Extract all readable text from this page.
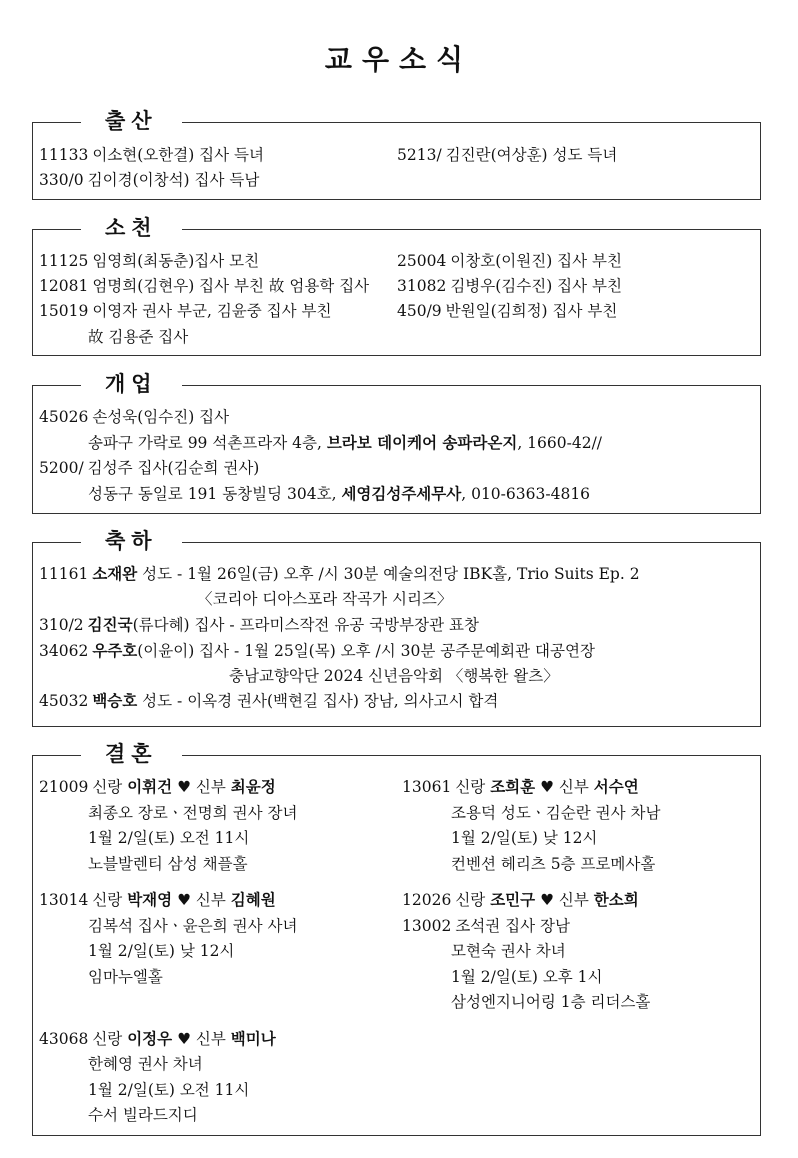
교우소식
출산
11133 이소현(오한결) 집사 득녀
330/0 김이경(이창석) 집사 득남
5213/ 김진란(여상훈) 성도 득녀
소천
11125 임영희(최동춘)집사 모친
12081 엄명희(김현우) 집사 부친 故 엄용학 집사
15019 이영자 권사 부군, 김윤중 집사 부친
故 김용준 집사
25004 이창호(이원진) 집사 부친
31082 김병우(김수진) 집사 부친
450/9 반원일(김희정) 집사 부친
개업
45026 손성욱(임수진) 집사
송파구 가락로 99 석촌프라자 4층, 브라보 데이케어 송파라온지, 1660-42//
5200/ 김성주 집사(김순희 권사)
성동구 동일로 191 동창빌딩 304호, 세영김성주세무사, 010-6363-4816
축하
11161 소재완 성도 - 1월 26일(금) 오후 /시 30분 예술의전당 IBK홀, Trio Suits Ep. 2
〈코리아 디아스포라 작곡가 시리즈〉
310/2 김진국(류다혜) 집사 - 프라미스작전 유공 국방부장관 표창
34062 우주호(이윤이) 집사 - 1월 25일(목) 오후 /시 30분 공주문예회관 대공연장
충남교향악단 2024 신년음악회 〈행복한 왈츠〉
45032 백승호 성도 - 이옥경 권사(백현길 집사) 장남, 의사고시 합격
결혼
21009 신랑 이휘건 ♥ 신부 최윤정
최종오 장로ㆍ전명희 권사 장녀
1월 2/일(토) 오전 11시
노블발렌티 삼성 채플홀
13061 신랑 조희훈 ♥ 신부 서수연
조용덕 성도ㆍ김순란 권사 차남
1월 2/일(토) 낮 12시
컨벤션 헤리츠 5층 프로메사홀
13014 신랑 박재영 ♥ 신부 김혜원
김복석 집사ㆍ윤은희 권사 사녀
1월 2/일(토) 낮 12시
임마누엘홀
12026 신랑 조민구 ♥ 신부 한소희
13002 조석권 집사 장남
모현숙 권사 차녀
1월 2/일(토) 오후 1시
삼성엔지니어링 1층 리더스홀
43068 신랑 이정우 ♥ 신부 백미나
한혜영 권사 차녀
1월 2/일(토) 오전 11시
수서 빌라드지디
